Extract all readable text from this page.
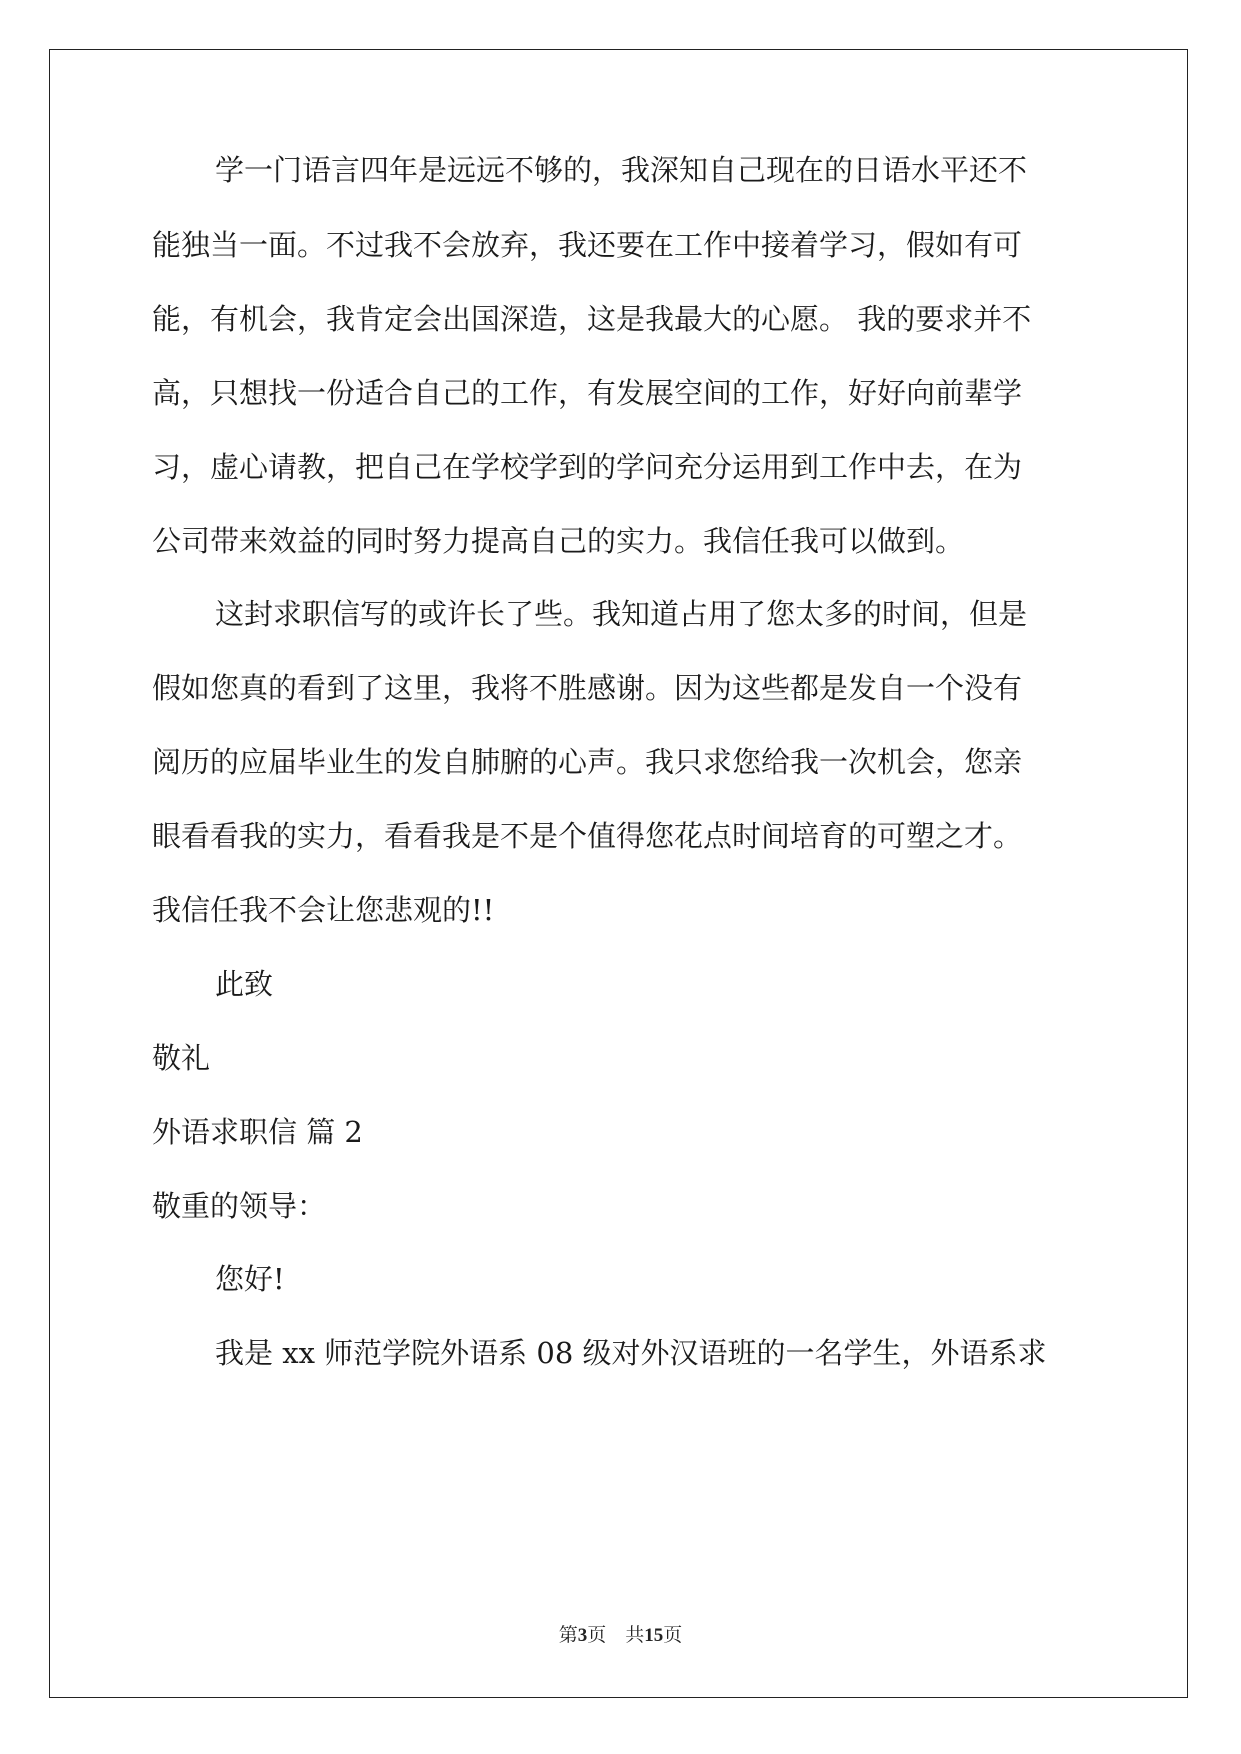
学一门语言四年是远远不够的，我深知自己现在的日语水平还不
能独当一面。不过我不会放弃，我还要在工作中接着学习，假如有可
能，有机会，我肯定会出国深造，这是我最大的心愿。 我的要求并不
高，只想找一份适合自己的工作，有发展空间的工作，好好向前辈学
习，虚心请教，把自己在学校学到的学问充分运用到工作中去，在为
公司带来效益的同时努力提高自己的实力。我信任我可以做到。
这封求职信写的或许长了些。我知道占用了您太多的时间，但是
假如您真的看到了这里，我将不胜感谢。因为这些都是发自一个没有
阅历的应届毕业生的发自肺腑的心声。我只求您给我一次机会，您亲
眼看看我的实力，看看我是不是个值得您花点时间培育的可塑之才。
我信任我不会让您悲观的!!
此致
敬礼
外语求职信 篇 2
敬重的领导：
您好!
我是 xx 师范学院外语系 08 级对外汉语班的一名学生，外语系求
第3页　共15页
